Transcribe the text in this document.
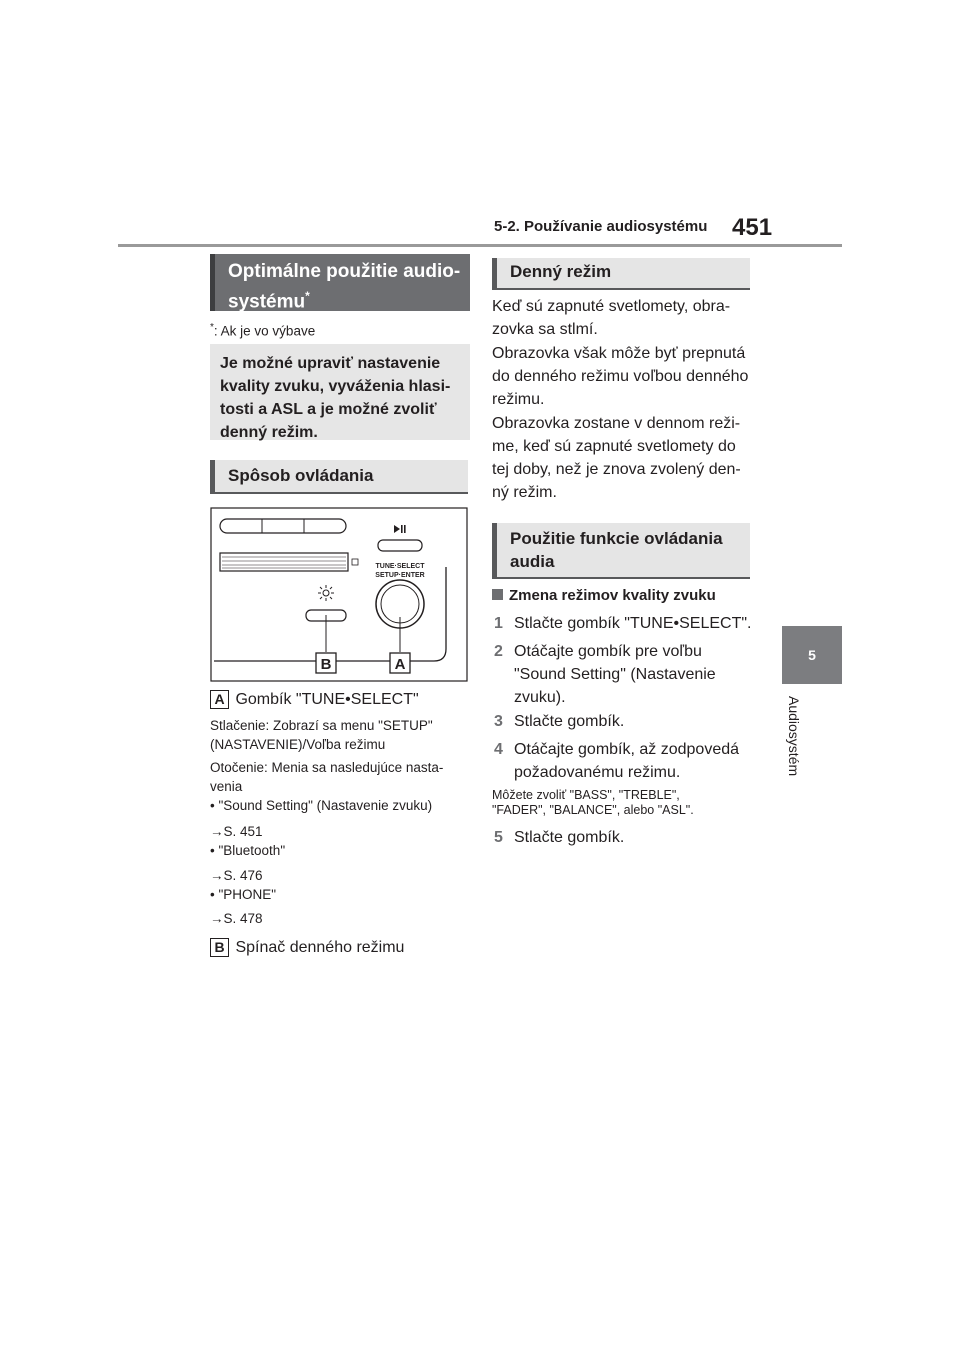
5-2. Používanie audiosystému 451
5
Audiosystém
Optimálne použitie audio-
systému*
*: Ak je vo výbave
Je možné upraviť nastavenie
kvality zvuku, vyváženia hlasi-
tosti a ASL a je možné zvoliť
denný režim.
Spôsob ovládania
TUNE·SELECT
SETUP·ENTER
B	A
A Gombík "TUNE•SELECT"
Stlačenie: Zobrazí sa menu "SETUP"
(NASTAVENIE)/Voľba režimu
Otočenie: Menia sa nasledujúce nasta-
venia
• "Sound Setting" (Nastavenie zvuku)
→S. 451
• "Bluetooth"
→S. 476
• "PHONE"
→S. 478
B Spínač denného režimu
Denný režim
Keď sú zapnuté svetlomety, obra-
zovka sa stlmí.
Obrazovka však môže byť prepnutá
do denného režimu voľbou denného
režimu.
Obrazovka zostane v dennom reži-
me, keď sú zapnuté svetlomety do
tej doby, než je znova zvolený den-
ný režim.
Použitie funkcie ovládania
audia
Zmena režimov kvality zvuku
1 Stlačte gombík "TUNE•SELECT".
2 Otáčajte gombík pre voľbu
"Sound Setting" (Nastavenie
zvuku).
3 Stlačte gombík.
4 Otáčajte gombík, až zodpovedá
požadovanému režimu.
Môžete zvoliť "BASS", "TREBLE",
"FADER", "BALANCE", alebo "ASL".
5 Stlačte gombík.
